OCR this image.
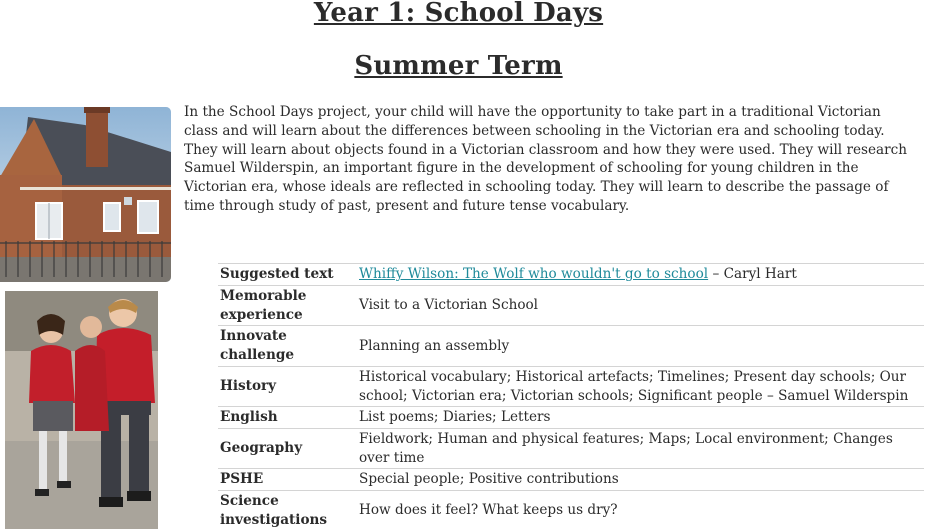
Year 1: School Days
Summer Term

In the School Days project, your child will have the opportunity to take part in a traditional Victorian class and will learn about the differences between schooling in the Victorian era and schooling today. They will learn about objects found in a Victorian classroom and how they were used. They will research Samuel Wilderspin, an important figure in the development of schooling for young children in the Victorian era, whose ideals are reflected in schooling today. They will learn to describe the passage of time through study of past, present and future tense vocabulary.

Suggested text	Whiffy Wilson: The Wolf who wouldn't go to school – Caryl Hart
Memorable experience	Visit to a Victorian School
Innovate challenge	Planning an assembly
History	Historical vocabulary; Historical artefacts; Timelines; Present day schools; Our school; Victorian era; Victorian schools; Significant people – Samuel Wilderspin
English	List poems; Diaries; Letters
Geography	Fieldwork; Human and physical features; Maps; Local environment; Changes over time
PSHE	Special people; Positive contributions
Science investigations	How does it feel? What keeps us dry?
